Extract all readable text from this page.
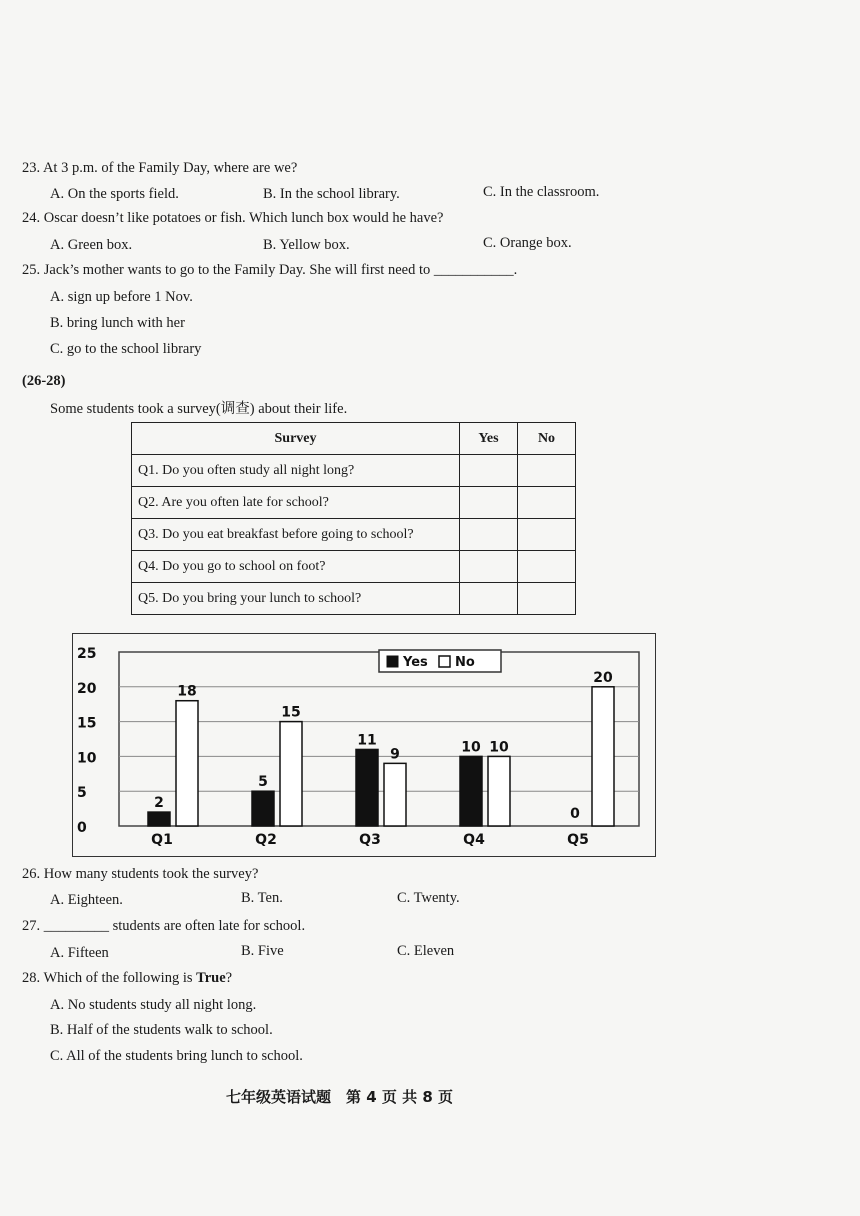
23. At 3 p.m. of the Family Day, where are we?
A. On the sports field.	B. In the school library.	C. In the classroom.
24. Oscar doesn’t like potatoes or fish. Which lunch box would he have?
A. Green box.	B. Yellow box.	C. Orange box.
25. Jack’s mother wants to go to the Family Day. She will first need to ___________.
A. sign up before 1 Nov.
B. bring lunch with her
C. go to the school library
(26-28)
Some students took a survey(调查) about their life.
Survey	Yes	No
Q1. Do you often study all night long?		
Q2. Are you often late for school?		
Q3. Do you eat breakfast before going to school?		
Q4. Do you go to school on foot?		
Q5. Do you bring your lunch to school?		
0
5
10
15
20
25
2
18
Q1
5
15
Q2
11
9
Q3
10 10
Q4
0
20
Q5
Yes No
26. How many students took the survey?
A. Eighteen.	B. Ten.	C. Twenty.
27. _________ students are often late for school.
A. Fifteen	B. Five	C. Eleven
28. Which of the following is True?
A. No students study all night long.
B. Half of the students walk to school.
C. All of the students bring lunch to school.
七年级英语试题　第 4 页 共 8 页
